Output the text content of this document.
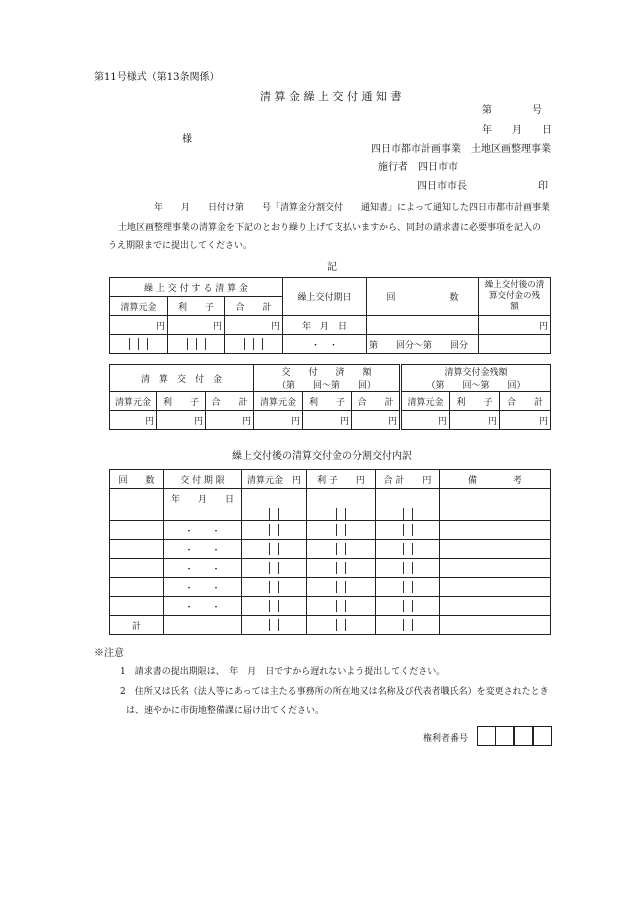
第11号様式（第13条関係）
清 算 金 繰 上 交 付 通 知 書
第　　　　号
年　　月　　日
様
四日市都市計画事業　土地区画整理事業
施行者　四日市市
四日市市長	印
年　　月　　日付け第　　号「清算金分割交付　　通知書」によって通知した四日市都市計画事業
土地区画整理事業の清算金を下記のとおり繰り上げて支払いますから、同封の請求書に必要事項を記入の
うえ期限までに提出してください。
記
繰 上 交 付 す る 清 算 金			繰上交付期日	回　　　　　　数	繰上交付後の清算交付金の残　　額
清算元金	利　　子	合　　計			
円	円	円	年　月　日		円
			・　・	第　　回分～第　　回分	
清　算　交　付　金			交　　付　　済　　額			清算交付金残額		
			（第　　回～第　　回）			（第　　回～第　　回）		
清算元金	利　　子	合　　計	清算元金	利　　子	合　　計	清算元金	利　　子	合　　計
円	円	円	円	円	円	円	円	円
繰上交付後の清算交付金の分割交付内訳
回　　数	交 付 期 限	清算元金　円	利 子　　円	合 計　　円	備　　　　考
	年　　月　　日				
	・　　・				
	・　　・				
	・　　・				
	・　　・				
	・　　・				
計					
※注意
1　請求書の提出期限は、　年　月　日ですから遅れないよう提出してください。
2　住所又は氏名（法人等にあっては主たる事務所の所在地又は名称及び代表者職氏名）を変更されたとき
は、速やかに市街地整備課に届け出てください。
権利者番号
